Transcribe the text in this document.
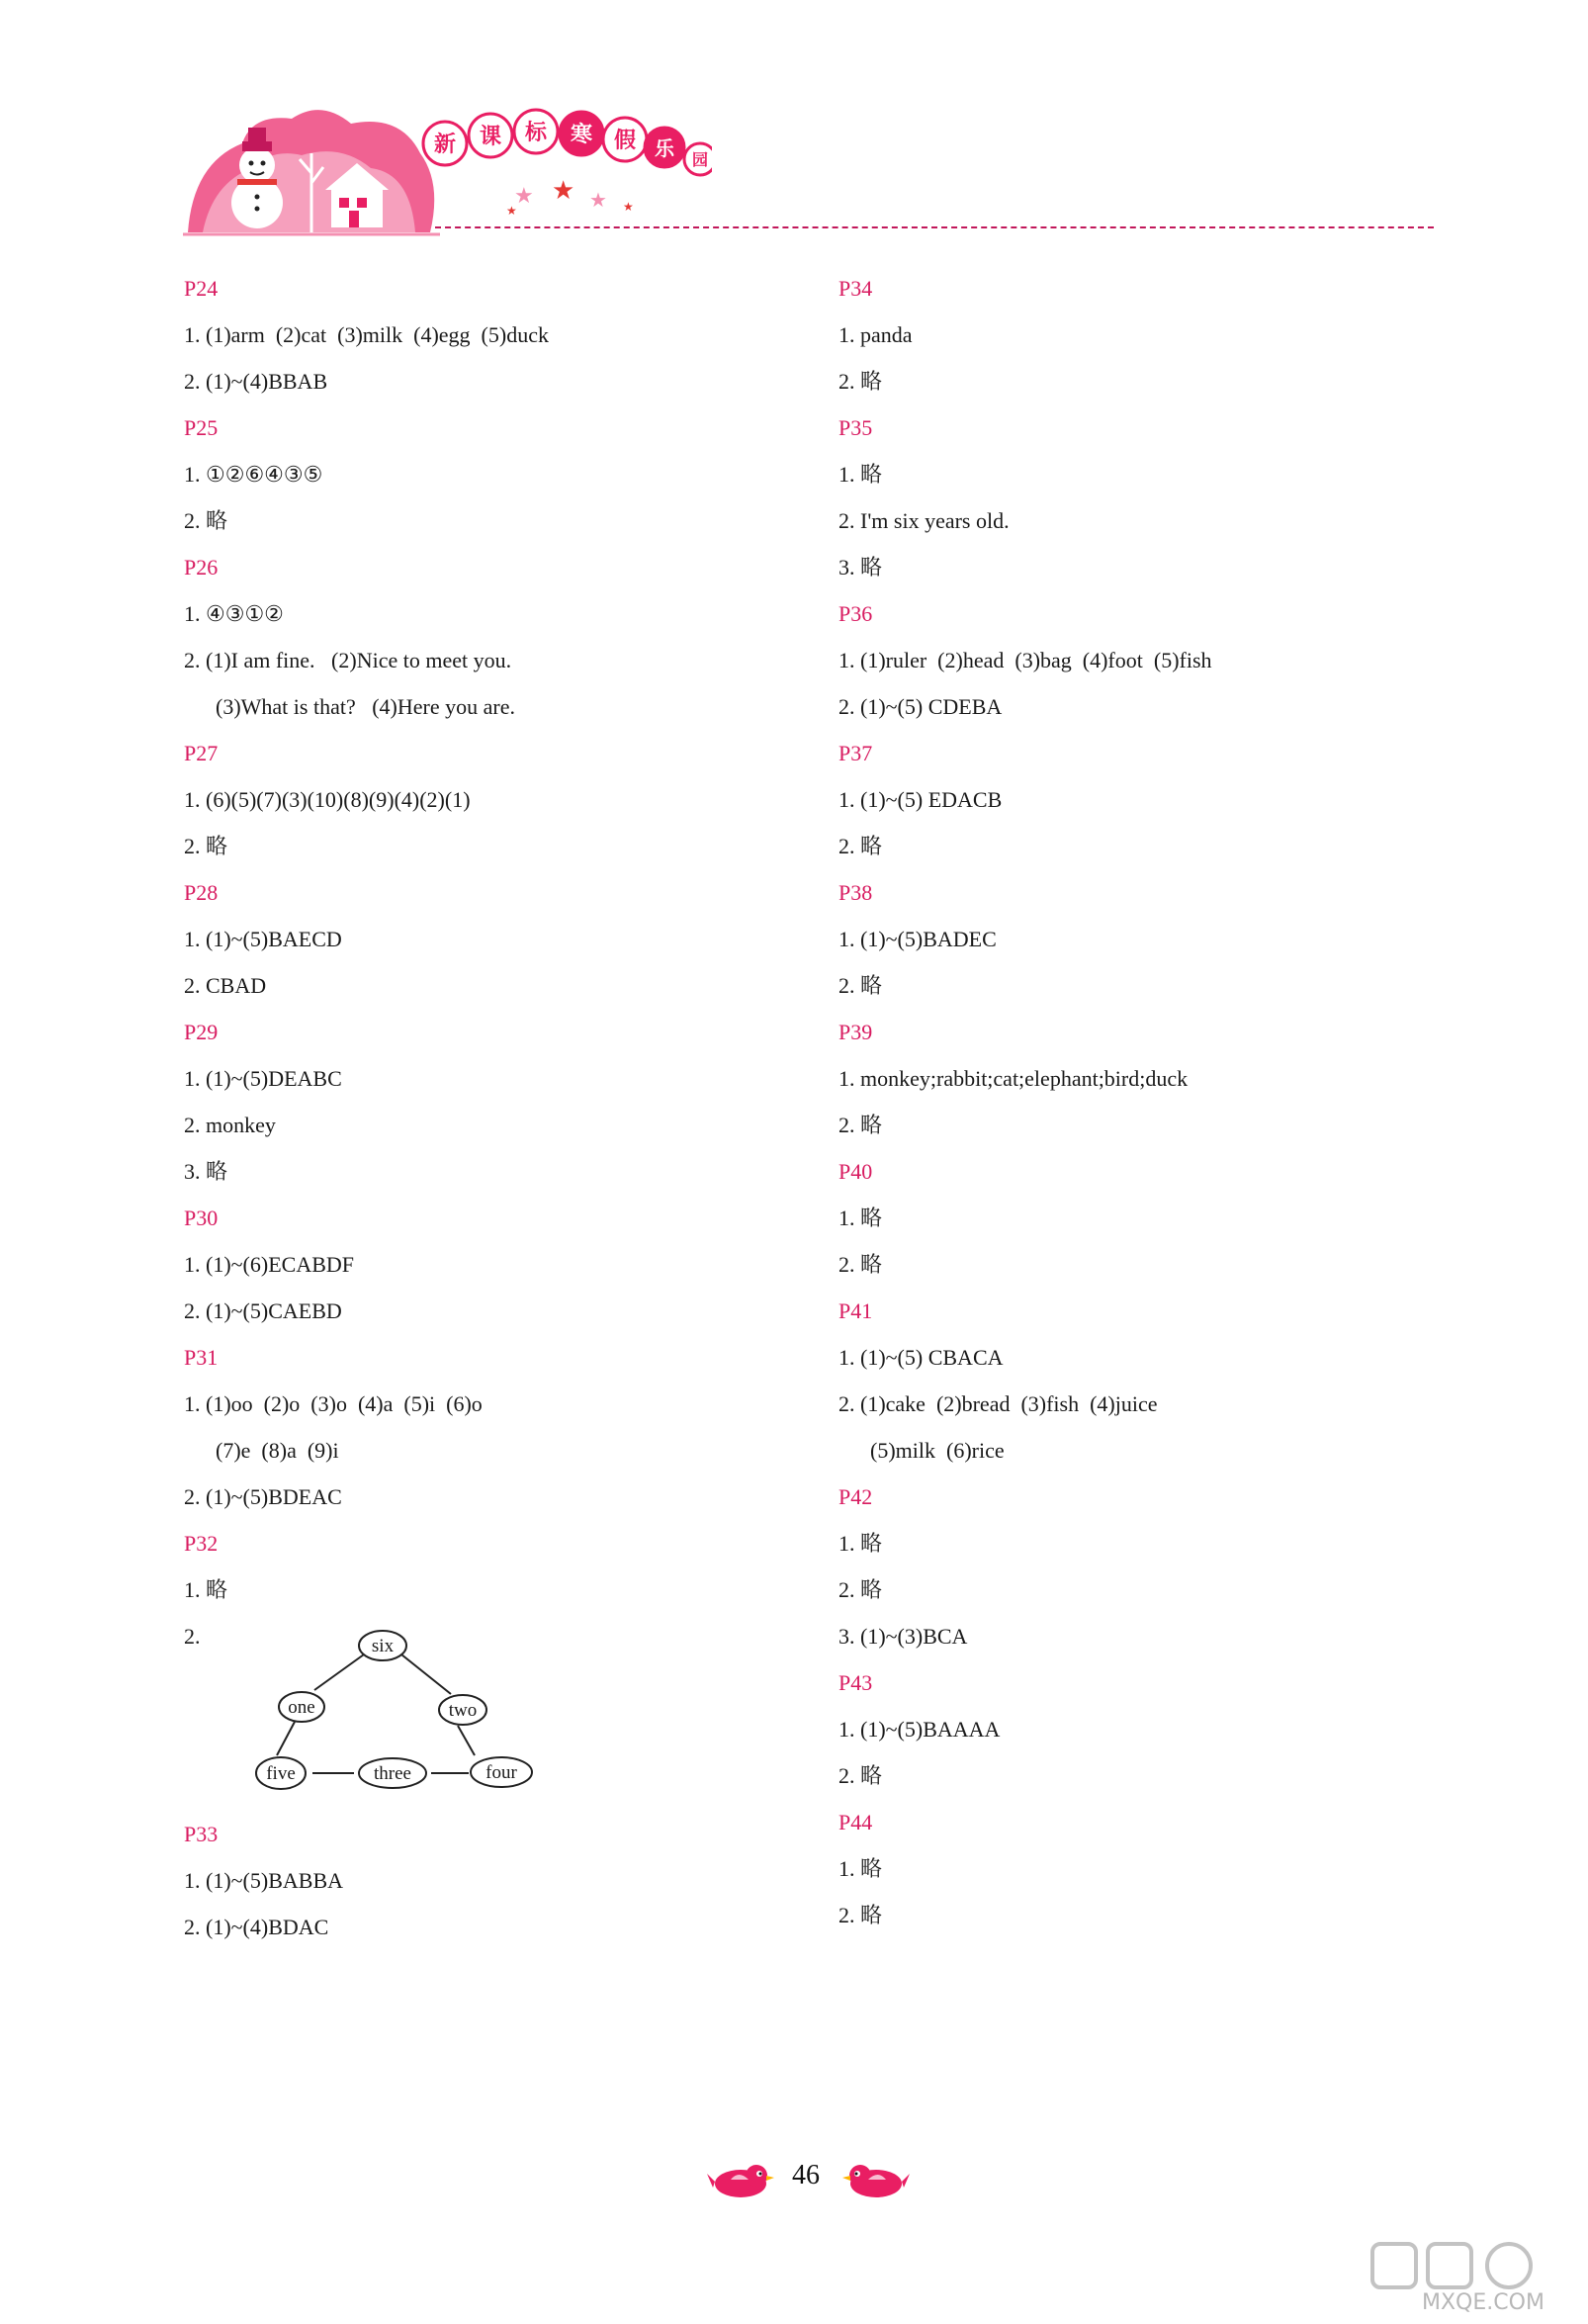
新 课 标 寒 假 乐 园
★ ★ ★ ★
★
P24
1. (1)arm  (2)cat  (3)milk  (4)egg  (5)duck
2. (1)~(4)BBAB
P25
1. ①②⑥④③⑤
2. 略
P26
1. ④③①②
2. (1)I am fine.   (2)Nice to meet you.
(3)What is that?   (4)Here you are.
P27
1. (6)(5)(7)(3)(10)(8)(9)(4)(2)(1)
2. 略
P28
1. (1)~(5)BAECD
2. CBAD
P29
1. (1)~(5)DEABC
2. monkey
3. 略
P30
1. (1)~(6)ECABDF
2. (1)~(5)CAEBD
P31
1. (1)oo  (2)o  (3)o  (4)a  (5)i  (6)o
(7)e  (8)a  (9)i
2. (1)~(5)BDEAC
P32
1. 略
2.	six
one	two
five	three	four
P33
1. (1)~(5)BABBA
2. (1)~(4)BDAC
P34
1. panda
2. 略
P35
1. 略
2. I'm six years old.
3. 略
P36
1. (1)ruler  (2)head  (3)bag  (4)foot  (5)fish
2. (1)~(5) CDEBA
P37
1. (1)~(5) EDACB
2. 略
P38
1. (1)~(5)BADEC
2. 略
P39
1. monkey;rabbit;cat;elephant;bird;duck
2. 略
P40
1. 略
2. 略
P41
1. (1)~(5) CBACA
2. (1)cake  (2)bread  (3)fish  (4)juice
(5)milk  (6)rice
P42
1. 略
2. 略
3. (1)~(3)BCA
P43
1. (1)~(5)BAAAA
2. 略
P44
1. 略
2. 略
46
MXQE.COM
